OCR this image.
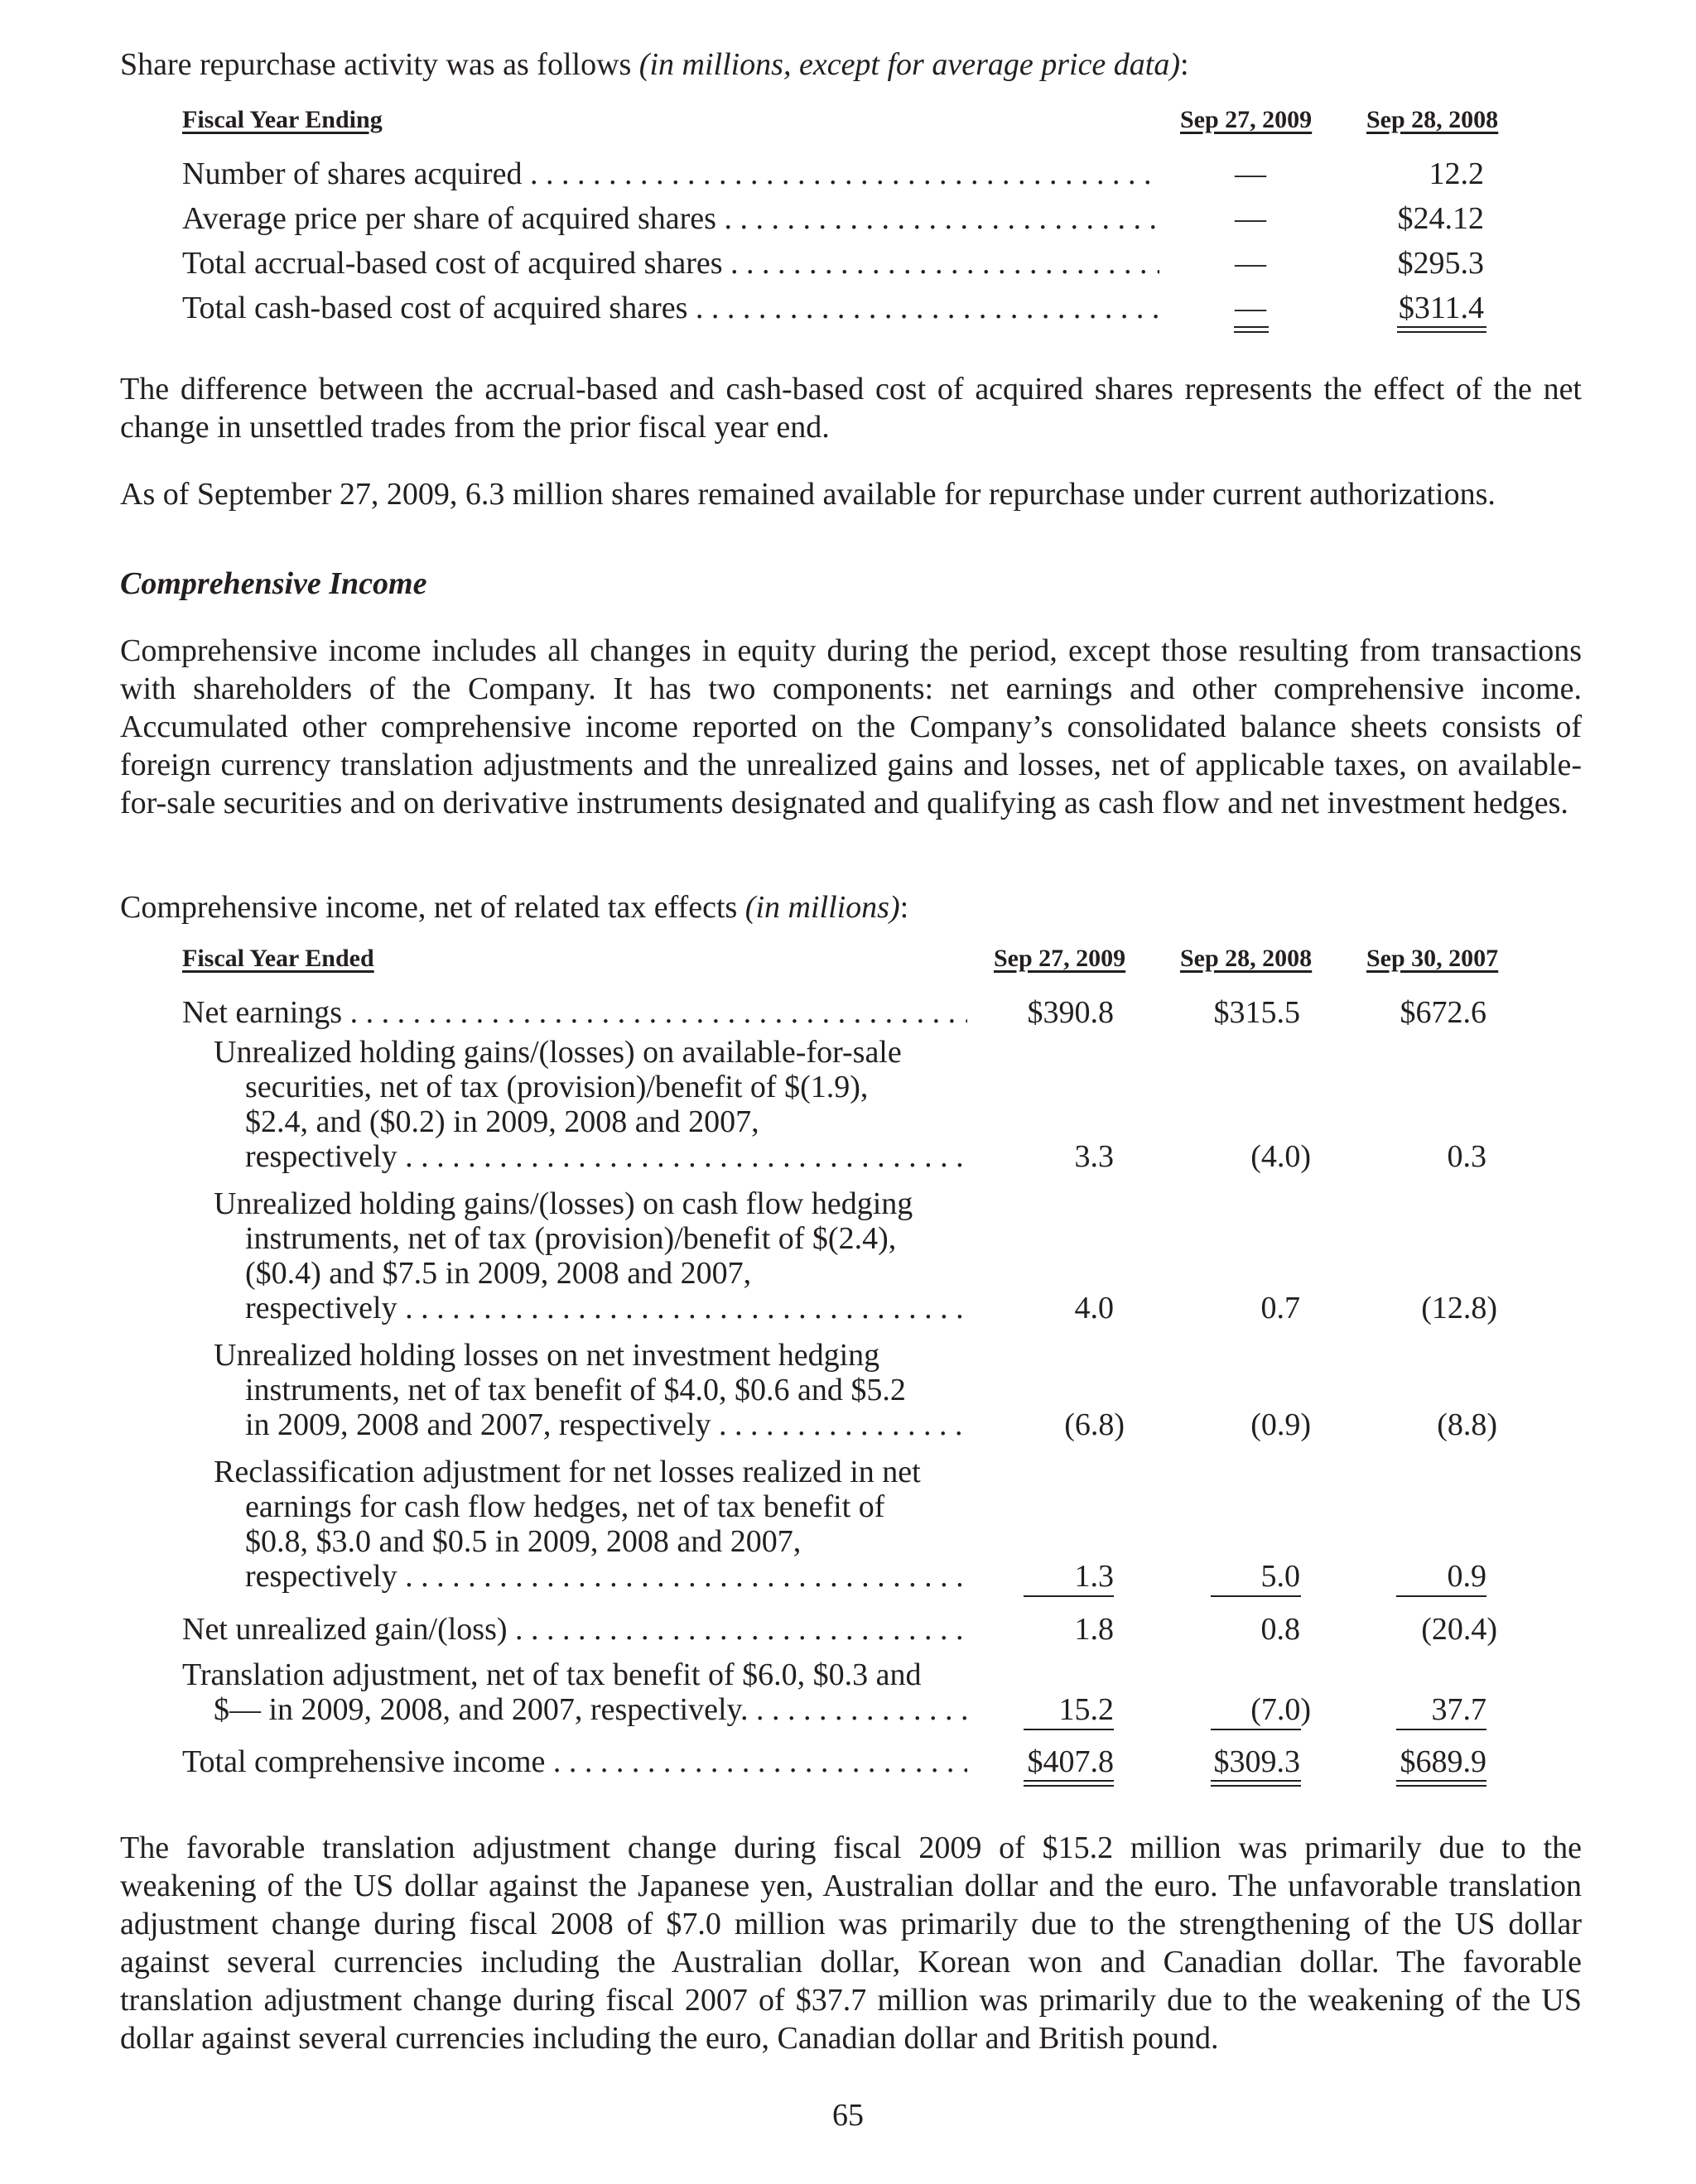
Share repurchase activity was as follows (in millions, except for average price data):
Fiscal Year Ending	Sep 27, 2009 Sep 28, 2008
Number of shares acquired . . .	—	12.2
Average price per share of acquired shares . . .	—	$24.12
Total accrual-based cost of acquired shares . . .	—	$295.3
Total cash-based cost of acquired shares . . .	—	$311.4
The difference between the accrual-based and cash-based cost of acquired shares represents the effect of the net change in unsettled trades from the prior fiscal year end.
As of September 27, 2009, 6.3 million shares remained available for repurchase under current authorizations.
Comprehensive Income
Comprehensive income includes all changes in equity during the period, except those resulting from transactions with shareholders of the Company. It has two components: net earnings and other comprehensive income. Accumulated other comprehensive income reported on the Company’s consolidated balance sheets consists of foreign currency translation adjustments and the unrealized gains and losses, net of applicable taxes, on available-for-sale securities and on derivative instruments designated and qualifying as cash flow and net investment hedges.
Comprehensive income, net of related tax effects (in millions):
Fiscal Year Ended	Sep 27, 2009 Sep 28, 2008 Sep 30, 2007
Net earnings . . .	$390.8	$315.5	$672.6
Unrealized holding gains/(losses) on available-for-sale
securities, net of tax (provision)/benefit of $(1.9),
$2.4, and ($0.2) in 2009, 2008 and 2007,
respectively . . .	3.3	(4.0)	0.3
Unrealized holding gains/(losses) on cash flow hedging
instruments, net of tax (provision)/benefit of $(2.4),
($0.4) and $7.5 in 2009, 2008 and 2007,
respectively . . .	4.0	0.7	(12.8)
Unrealized holding losses on net investment hedging
instruments, net of tax benefit of $4.0, $0.6 and $5.2
in 2009, 2008 and 2007, respectively . . .	(6.8)	(0.9)	(8.8)
Reclassification adjustment for net losses realized in net
earnings for cash flow hedges, net of tax benefit of
$0.8, $3.0 and $0.5 in 2009, 2008 and 2007,
respectively . . .	1.3	5.0	0.9
Net unrealized gain/(loss) . . .	1.8	0.8	(20.4)
Translation adjustment, net of tax benefit of $6.0, $0.3 and
$— in 2009, 2008, and 2007, respectively. . . .	15.2	(7.0)	37.7
Total comprehensive income . . .	$407.8	$309.3	$689.9
The favorable translation adjustment change during fiscal 2009 of $15.2 million was primarily due to the weakening of the US dollar against the Japanese yen, Australian dollar and the euro. The unfavorable translation adjustment change during fiscal 2008 of $7.0 million was primarily due to the strengthening of the US dollar against several currencies including the Australian dollar, Korean won and Canadian dollar. The favorable translation adjustment change during fiscal 2007 of $37.7 million was primarily due to the weakening of the US dollar against several currencies including the euro, Canadian dollar and British pound.
65
